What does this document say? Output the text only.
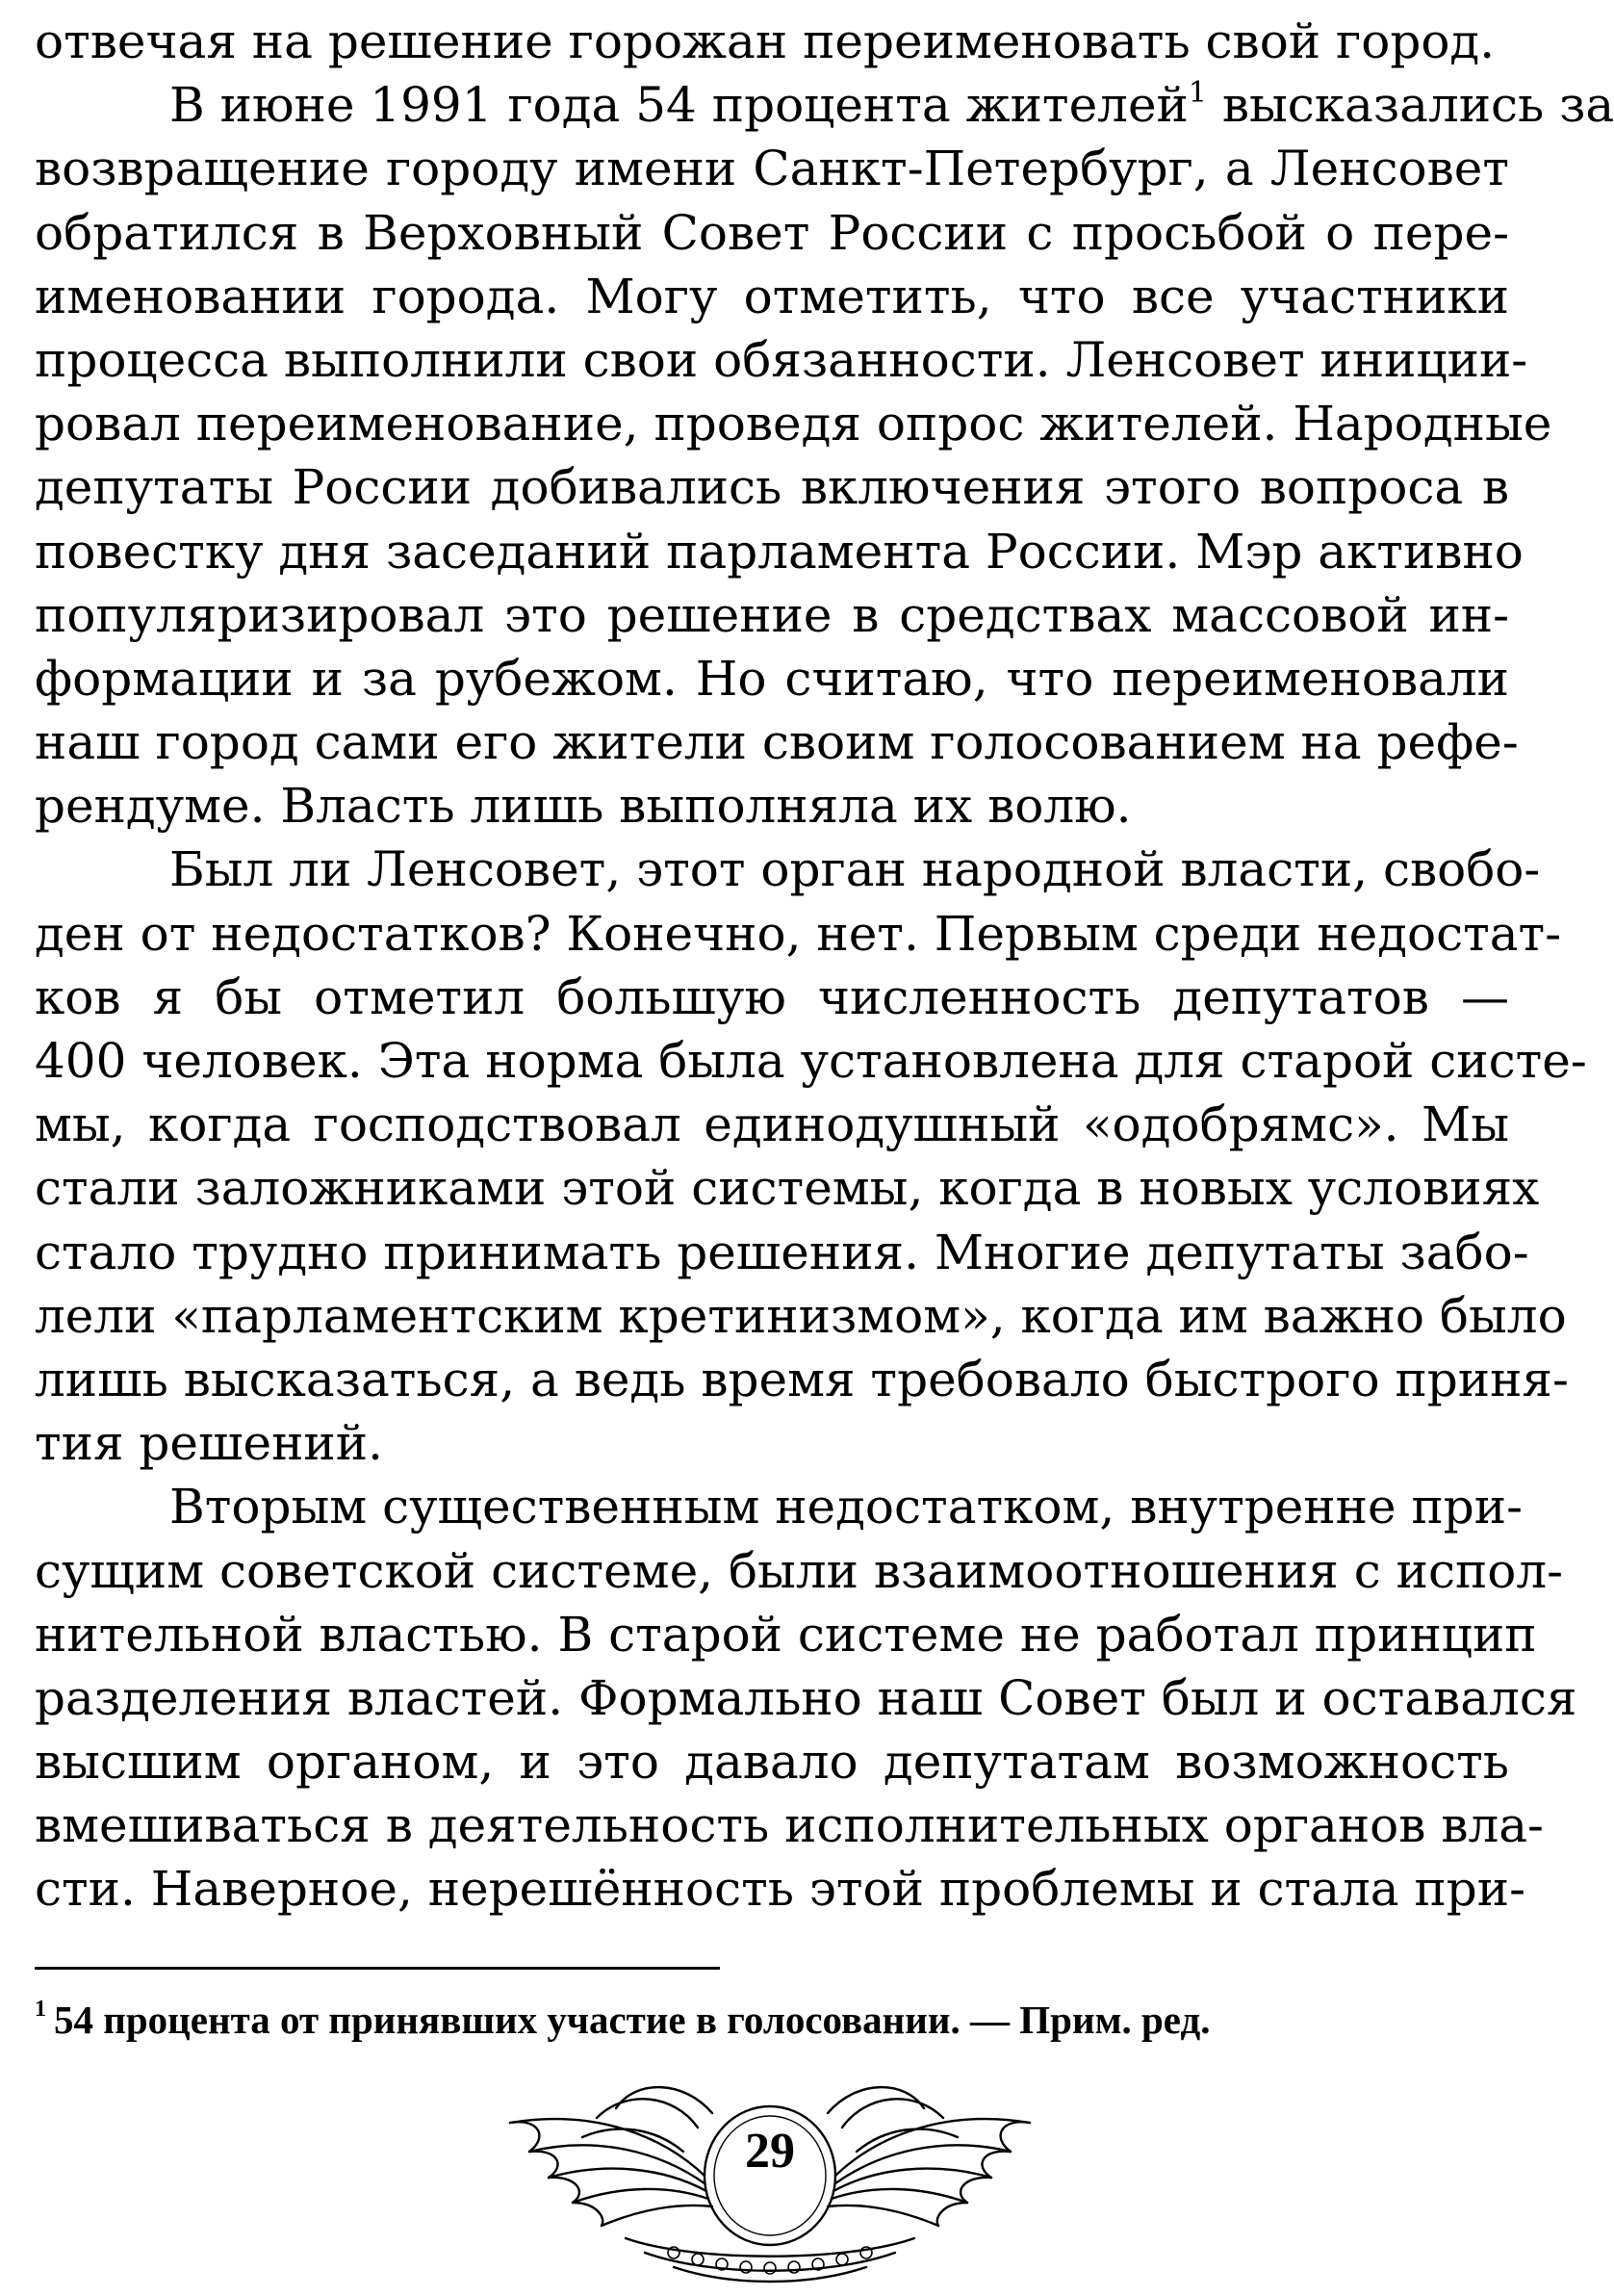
отвечая на решение горожан переименовать свой город.
В июне 1991 года 54 процента жителей$^1$ высказались за
возвращение городу имени Санкт-Петербург, а Ленсовет
обратился в Верховный Совет России с просьбой о пере-
именовании города. Могу отметить, что все участники
процесса выполнили свои обязанности. Ленсовет иниции-
ровал переименование, проведя опрос жителей. Народные
депутаты России добивались включения этого вопроса в
повестку дня заседаний парламента России. Мэр активно
популяризировал это решение в средствах массовой ин-
формации и за рубежом. Но считаю, что переименовали
наш город сами его жители своим голосованием на рефе-
рендуме. Власть лишь выполняла их волю.
Был ли Ленсовет, этот орган народной власти, свобо-
ден от недостатков? Конечно, нет. Первым среди недостат-
ков я бы отметил большую численность депутатов —
400 человек. Эта норма была установлена для старой систе-
мы, когда господствовал единодушный «одобрямс». Мы
стали заложниками этой системы, когда в новых условиях
стало трудно принимать решения. Многие депутаты забо-
лели «парламентским кретинизмом», когда им важно было
лишь высказаться, а ведь время требовало быстрого приня-
тия решений.
Вторым существенным недостатком, внутренне при-
сущим советской системе, были взаимоотношения с испол-
нительной властью. В старой системе не работал принцип
разделения властей. Формально наш Совет был и оставался
высшим органом, и это давало депутатам возможность
вмешиваться в деятельность исполнительных органов вла-
сти. Наверное, нерешённость этой проблемы и стала при-
$^1$ 54 процента от принявших участие в голосовании. — Прим. ред.
29
